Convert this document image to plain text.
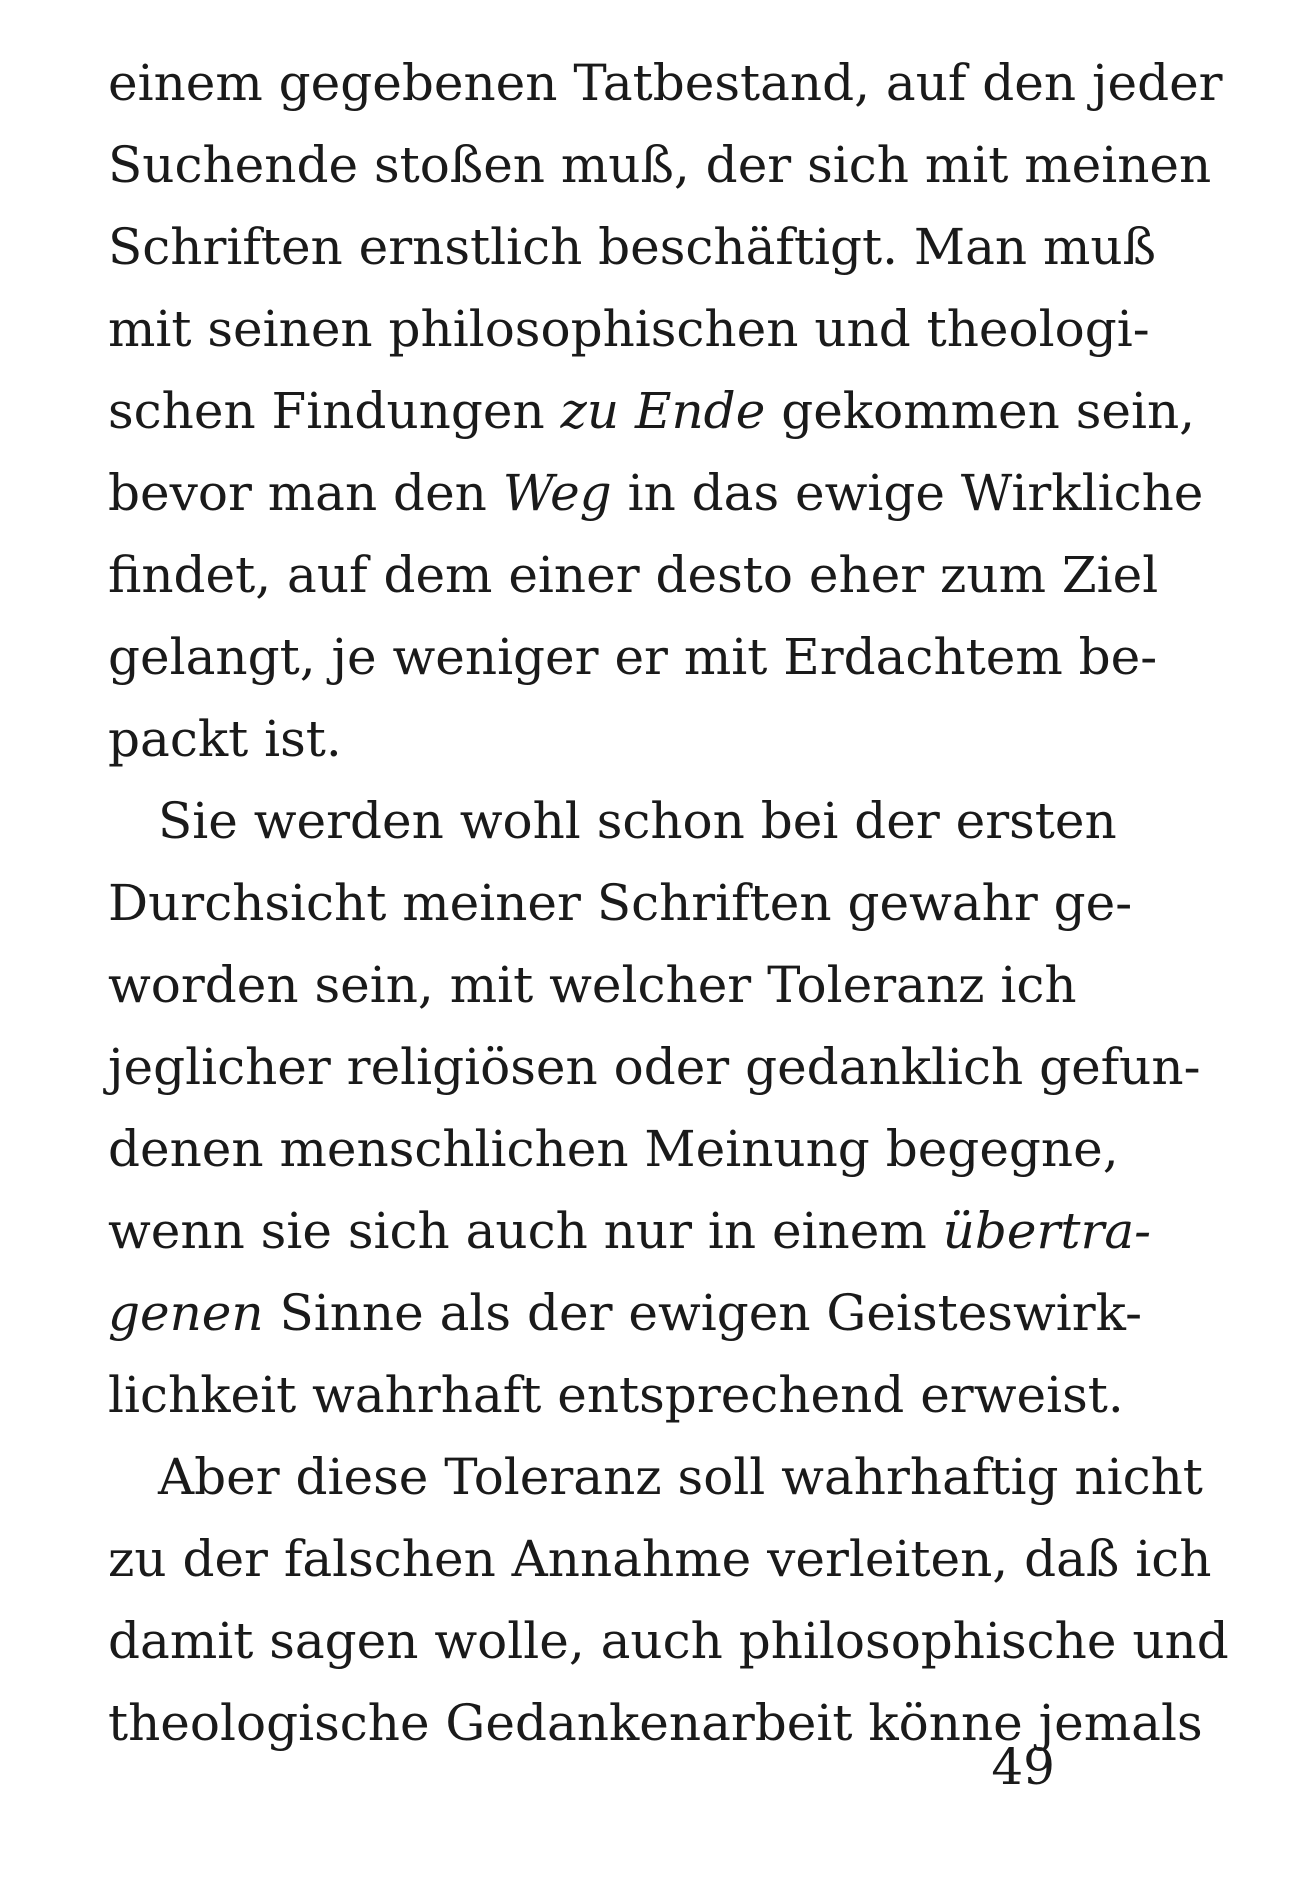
einem gegebenen Tatbestand, auf den jeder
Suchende stoßen muß, der sich mit meinen
Schriften ernstlich beschäftigt. Man muß
mit seinen philosophischen und theologi-
schen Findungen zu Ende gekommen sein,
bevor man den Weg in das ewige Wirkliche
findet, auf dem einer desto eher zum Ziel
gelangt, je weniger er mit Erdachtem be-
packt ist.
Sie werden wohl schon bei der ersten
Durchsicht meiner Schriften gewahr ge-
worden sein, mit welcher Toleranz ich
jeglicher religiösen oder gedanklich gefun-
denen menschlichen Meinung begegne,
wenn sie sich auch nur in einem übertra-
genen Sinne als der ewigen Geisteswirk-
lichkeit wahrhaft entsprechend erweist.
Aber diese Toleranz soll wahrhaftig nicht
zu der falschen Annahme verleiten, daß ich
damit sagen wolle, auch philosophische und
theologische Gedankenarbeit könne jemals
49
